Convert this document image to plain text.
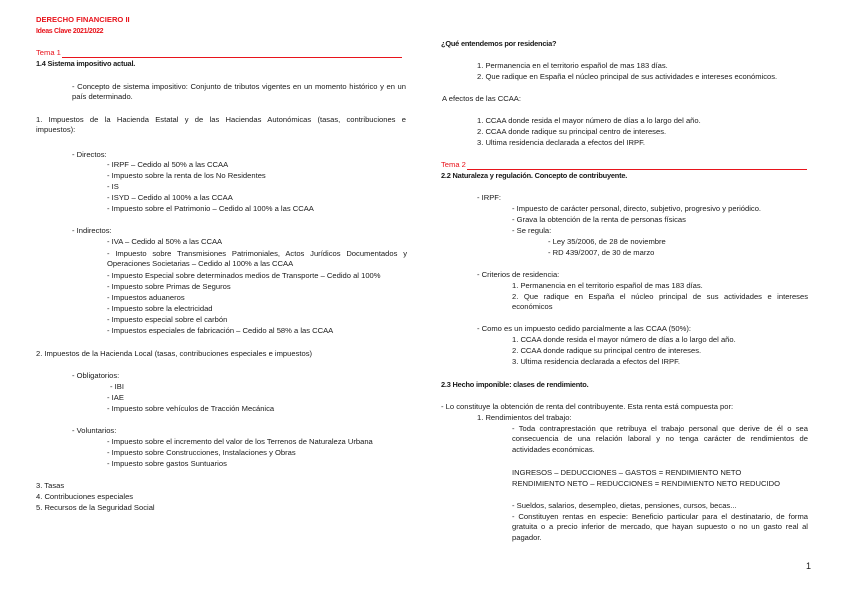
DERECHO FINANCIERO II
Ideas Clave 2021/2022
Tema 1
1.4 Sistema impositivo actual.
- Concepto de sistema impositivo: Conjunto de tributos vigentes en un momento histórico y en un país determinado.
1. Impuestos de la Hacienda Estatal y de las Haciendas Autonómicas (tasas, contribuciones e impuestos):
- Directos:
- IRPF – Cedido al 50% a las CCAA
- Impuesto sobre la renta de los No Residentes
- IS
- ISYD – Cedido al 100% a las CCAA
- Impuesto sobre el Patrimonio – Cedido al 100% a las CCAA
- Indirectos:
- IVA – Cedido al 50% a las CCAA
- Impuesto sobre Transmisiones Patrimoniales, Actos Jurídicos Documentados y Operaciones Societarias – Cedido al 100% a las CCAA
- Impuesto Especial sobre determinados medios de Transporte – Cedido al 100%
- Impuesto sobre Primas de Seguros
- Impuestos aduaneros
- Impuesto sobre la electricidad
- Impuesto especial sobre el carbón
- Impuestos especiales de fabricación – Cedido al 58% a las CCAA
2. Impuestos de la Hacienda Local (tasas, contribuciones especiales e impuestos)
- Obligatorios:
- IBI
- IAE
- Impuesto sobre vehículos de Tracción Mecánica
- Voluntarios:
- Impuesto sobre el incremento del valor de los Terrenos de Naturaleza Urbana
- Impuesto sobre Construcciones, Instalaciones y Obras
- Impuesto sobre gastos Suntuarios
3. Tasas
4. Contribuciones especiales
5. Recursos de la Seguridad Social
¿Qué entendemos por residencia?
1. Permanencia en el territorio español de mas 183 días.
2. Que radique en España el núcleo principal de sus actividades e intereses económicos.
A efectos de las CCAA:
1. CCAA donde resida el mayor número de días a lo largo del año.
2. CCAA donde radique su principal centro de intereses.
3. Ultima residencia declarada a efectos del IRPF.
Tema 2
2.2 Naturaleza y regulación. Concepto de contribuyente.
- IRPF:
- Impuesto de carácter personal, directo, subjetivo, progresivo y periódico.
- Grava la obtención de la renta de personas físicas
- Se regula:
- Ley 35/2006, de 28 de noviembre
- RD 439/2007, de 30 de marzo
- Criterios de residencia:
1. Permanencia en el territorio español de mas 183 días.
2. Que radique en España el núcleo principal de sus actividades e intereses económicos
- Como es un impuesto cedido parcialmente a las CCAA (50%):
1. CCAA donde resida el mayor número de días a lo largo del año.
2. CCAA donde radique su principal centro de intereses.
3. Ultima residencia declarada a efectos del IRPF.
2.3 Hecho imponible: clases de rendimiento.
- Lo constituye la obtención de renta del contribuyente. Esta renta está compuesta por:
1. Rendimientos del trabajo:
- Toda contraprestación que retribuya el trabajo personal que derive de él o sea consecuencia de una relación laboral y no tenga carácter de rendimientos de actividades económicas.
INGRESOS – DEDUCCIONES – GASTOS = RENDIMIENTO NETO
RENDIMIENTO NETO – REDUCCIONES = RENDIMIENTO NETO REDUCIDO
- Sueldos, salarios, desempleo, dietas, pensiones, cursos, becas...
- Constituyen rentas en especie: Beneficio particular para el destinatario, de forma gratuita o a precio inferior de mercado, que hayan supuesto o no un gasto real al pagador.
1
